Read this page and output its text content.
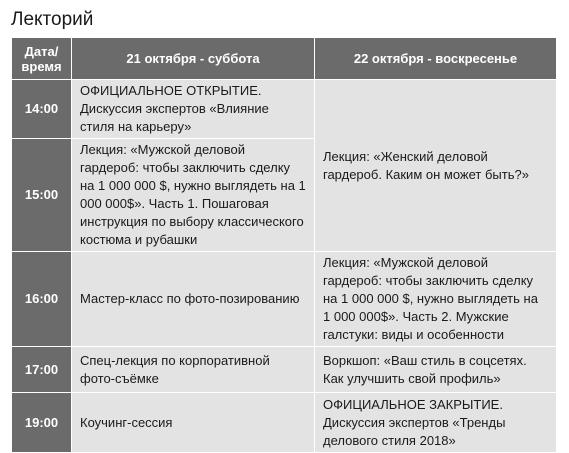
Лекторий
Дата/ время	21 октября - суббота	22 октября - воскресенье
14:00	ОФИЦИАЛЬНОЕ ОТКРЫТИЕ. Дискуссия экспертов «Влияние стиля на карьеру»	Лекция: «Женский деловой гардероб. Каким он может быть?»
15:00	Лекция: «Мужской деловой гардероб: чтобы заключить сделку на 1 000 000 $, нужно выглядеть на 1 000 000$». Часть 1. Пошаговая инструкция по выбору классического костюма и рубашки	
16:00	Мастер-класс по фото-позированию	Лекция: «Мужской деловой гардероб: чтобы заключить сделку на 1 000 000 $, нужно выглядеть на 1 000 000$». Часть 2. Мужские галстуки: виды и особенности
17:00	Спец-лекция по корпоративной фото-съёмке	Воркшоп: «Ваш стиль в соцсетях. Как улучшить свой профиль»
19:00	Коучинг-сессия	ОФИЦИАЛЬНОЕ ЗАКРЫТИЕ. Дискуссия экспертов «Тренды делового стиля 2018»
